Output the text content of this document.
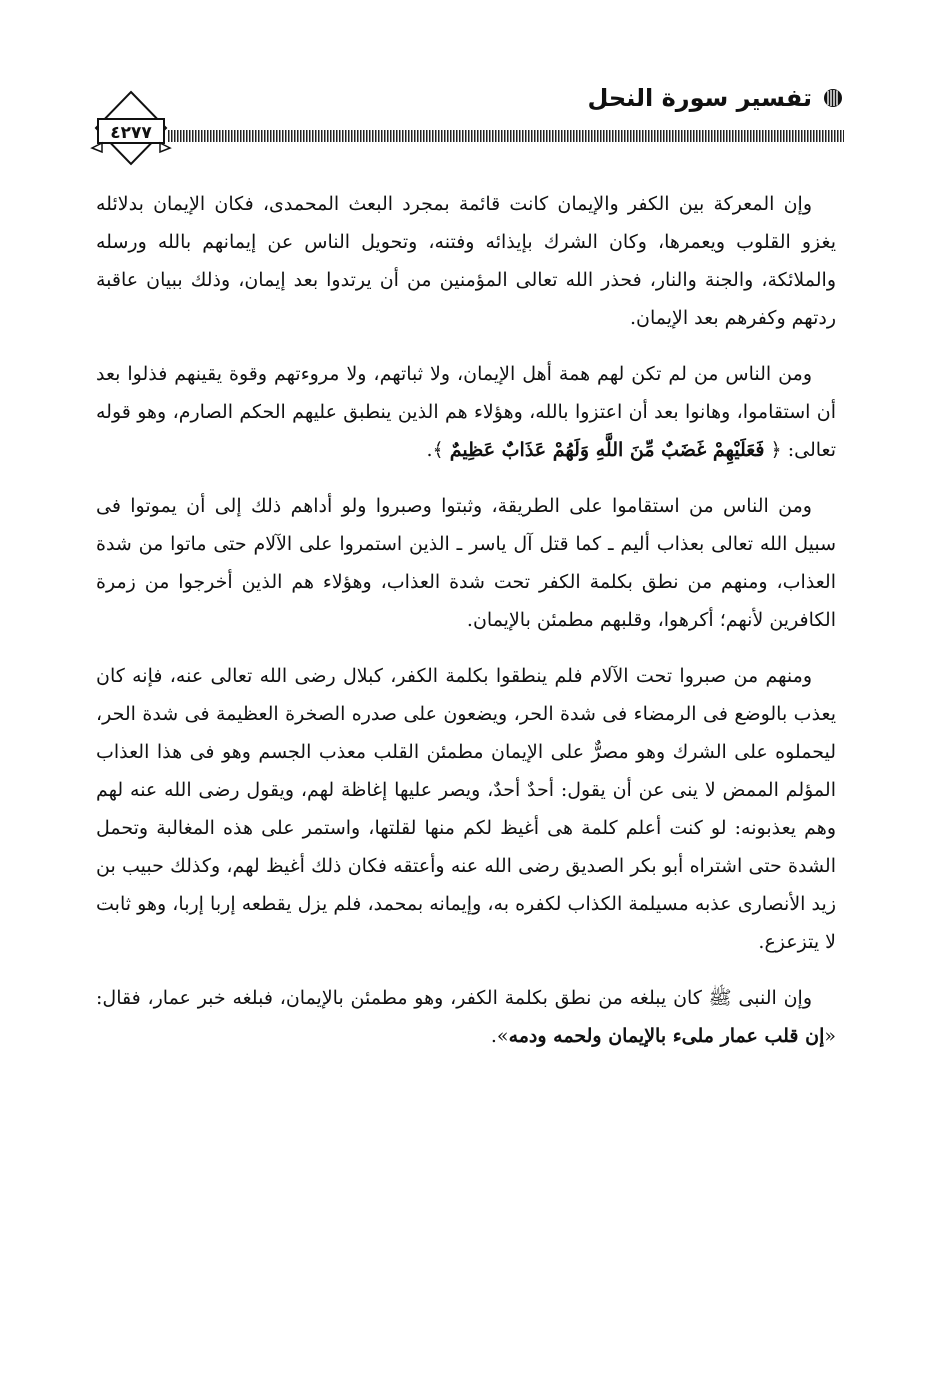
تفسير سورة النحل
٤٢٧٧

وإن المعركة بين الكفر والإيمان كانت قائمة بمجرد البعث المحمدى، فكان الإيمان بدلائله يغزو القلوب ويعمرها، وكان الشرك بإيذائه وفتنه، وتحويل الناس عن إيمانهم بالله ورسله والملائكة، والجنة والنار، فحذر الله تعالى المؤمنين من أن يرتدوا بعد إيمان، وذلك ببيان عاقبة ردتهم وكفرهم بعد الإيمان.

ومن الناس من لم تكن لهم همة أهل الإيمان، ولا ثباتهم، ولا مروءتهم وقوة يقينهم فذلوا بعد أن استقاموا، وهانوا بعد أن اعتزوا بالله، وهؤلاء هم الذين ينطبق عليهم الحكم الصارم، وهو قوله تعالى: ﴿ فَعَلَيْهِمْ غَضَبٌ مِّنَ اللَّهِ وَلَهُمْ عَذَابٌ عَظِيمٌ ﴾.

ومن الناس من استقاموا على الطريقة، وثبتوا وصبروا ولو أداهم ذلك إلى أن يموتوا فى سبيل الله تعالى بعذاب أليم ـ كما قتل آل ياسر ـ الذين استمروا على الآلام حتى ماتوا من شدة العذاب، ومنهم من نطق بكلمة الكفر تحت شدة العذاب، وهؤلاء هم الذين أخرجوا من زمرة الكافرين لأنهم؛ أكرهوا، وقلبهم مطمئن بالإيمان.

ومنهم من صبروا تحت الآلام فلم ينطقوا بكلمة الكفر، كبلال رضى الله تعالى عنه، فإنه كان يعذب بالوضع فى الرمضاء فى شدة الحر، ويضعون على صدره الصخرة العظيمة فى شدة الحر، ليحملوه على الشرك وهو مصرٌّ على الإيمان مطمئن القلب معذب الجسم وهو فى هذا العذاب المؤلم الممض لا ينى عن أن يقول: أحدٌ أحدٌ، ويصر عليها إغاظة لهم، ويقول رضى الله عنه لهم وهم يعذبونه: لو كنت أعلم كلمة هى أغيظ لكم منها لقلتها، واستمر على هذه المغالبة وتحمل الشدة حتى اشتراه أبو بكر الصديق رضى الله عنه وأعتقه فكان ذلك أغيظ لهم، وكذلك حبيب بن زيد الأنصارى عذبه مسيلمة الكذاب لكفره به، وإيمانه بمحمد، فلم يزل يقطعه إربا إربا، وهو ثابت لا يتزعزع.

وإن النبى ﷺ كان يبلغه من نطق بكلمة الكفر، وهو مطمئن بالإيمان، فبلغه خبر عمار، فقال: «إن قلب عمار ملىء بالإيمان ولحمه ودمه».
